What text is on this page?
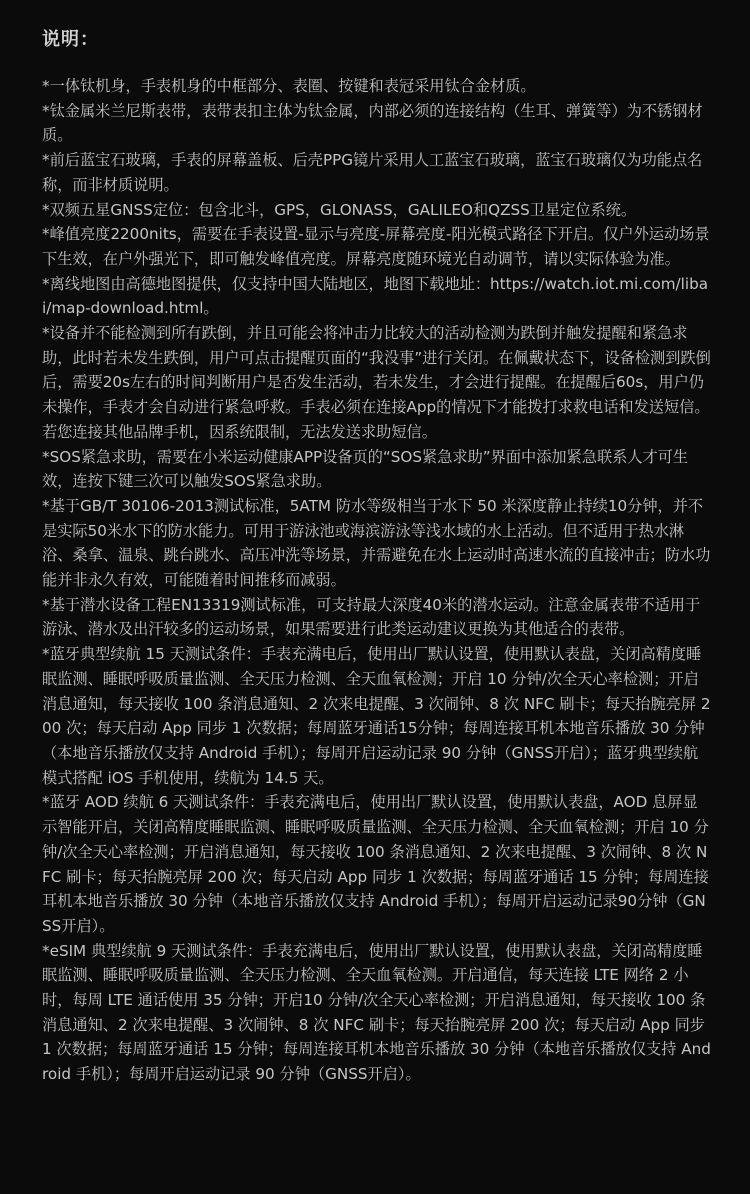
说明：

*一体钛机身，手表机身的中框部分、表圈、按键和表冠采用钛合金材质。

*钛金属米兰尼斯表带，表带表扣主体为钛金属，内部必须的连接结构（生耳、弹簧等）为不锈钢材质。

*前后蓝宝石玻璃，手表的屏幕盖板、后壳PPG镜片采用人工蓝宝石玻璃，蓝宝石玻璃仅为功能点名称，而非材质说明。

*双频五星GNSS定位：包含北斗，GPS，GLONASS，GALILEO和QZSS卫星定位系统。

*峰值亮度2200nits，需要在手表设置-显示与亮度-屏幕亮度-阳光模式路径下开启。仅户外运动场景下生效，在户外强光下，即可触发峰值亮度。屏幕亮度随环境光自动调节，请以实际体验为准。

*离线地图由高德地图提供，仅支持中国大陆地区，地图下载地址：https://watch.iot.mi.com/libai/map-download.html。

*设备并不能检测到所有跌倒，并且可能会将冲击力比较大的活动检测为跌倒并触发提醒和紧急求助，此时若未发生跌倒，用户可点击提醒页面的“我没事”进行关闭。在佩戴状态下，设备检测到跌倒后，需要20s左右的时间判断用户是否发生活动，若未发生，才会进行提醒。在提醒后60s，用户仍未操作，手表才会自动进行紧急呼救。手表必须在连接App的情况下才能拨打求救电话和发送短信。若您连接其他品牌手机，因系统限制，无法发送求助短信。

*SOS紧急求助，需要在小米运动健康APP设备页的“SOS紧急求助”界面中添加紧急联系人才可生效，连按下键三次可以触发SOS紧急求助。

*基于GB/T 30106-2013测试标准，5ATM 防水等级相当于水下 50 米深度静止持续10分钟，并不是实际50米水下的防水能力。可用于游泳池或海滨游泳等浅水域的水上活动。但不适用于热水淋浴、桑拿、温泉、跳台跳水、高压冲洗等场景，并需避免在水上运动时高速水流的直接冲击；防水功能并非永久有效，可能随着时间推移而减弱。

*基于潜水设备工程EN13319测试标准，可支持最大深度40米的潜水运动。注意金属表带不适用于游泳、潜水及出汗较多的运动场景，如果需要进行此类运动建议更换为其他适合的表带。

*蓝牙典型续航 15 天测试条件：手表充满电后，使用出厂默认设置，使用默认表盘，关闭高精度睡眠监测、睡眠呼吸质量监测、全天压力检测、全天血氧检测；开启 10 分钟/次全天心率检测；开启消息通知，每天接收 100 条消息通知、2 次来电提醒、3 次闹钟、8 次 NFC 刷卡；每天抬腕亮屏 200 次；每天启动 App 同步 1 次数据；每周蓝牙通话15分钟；每周连接耳机本地音乐播放 30 分钟（本地音乐播放仅支持 Android 手机）；每周开启运动记录 90 分钟（GNSS开启）；蓝牙典型续航模式搭配 iOS 手机使用，续航为 14.5 天。

*蓝牙 AOD 续航 6 天测试条件：手表充满电后，使用出厂默认设置，使用默认表盘，AOD 息屏显示智能开启，关闭高精度睡眠监测、睡眠呼吸质量监测、全天压力检测、全天血氧检测；开启 10 分钟/次全天心率检测；开启消息通知，每天接收 100 条消息通知、2 次来电提醒、3 次闹钟、8 次 NFC 刷卡；每天抬腕亮屏 200 次；每天启动 App 同步 1 次数据；每周蓝牙通话 15 分钟；每周连接耳机本地音乐播放 30 分钟（本地音乐播放仅支持 Android 手机）；每周开启运动记录90分钟（GNSS开启）。

*eSIM 典型续航 9 天测试条件：手表充满电后，使用出厂默认设置，使用默认表盘，关闭高精度睡眠监测、睡眠呼吸质量监测、全天压力检测、全天血氧检测。开启通信，每天连接 LTE 网络 2 小时，每周 LTE 通话使用 35 分钟；开启10 分钟/次全天心率检测；开启消息通知，每天接收 100 条消息通知、2 次来电提醒、3 次闹钟、8 次 NFC 刷卡；每天抬腕亮屏 200 次；每天启动 App 同步 1 次数据；每周蓝牙通话 15 分钟；每周连接耳机本地音乐播放 30 分钟（本地音乐播放仅支持 Android 手机）；每周开启运动记录 90 分钟（GNSS开启）。
